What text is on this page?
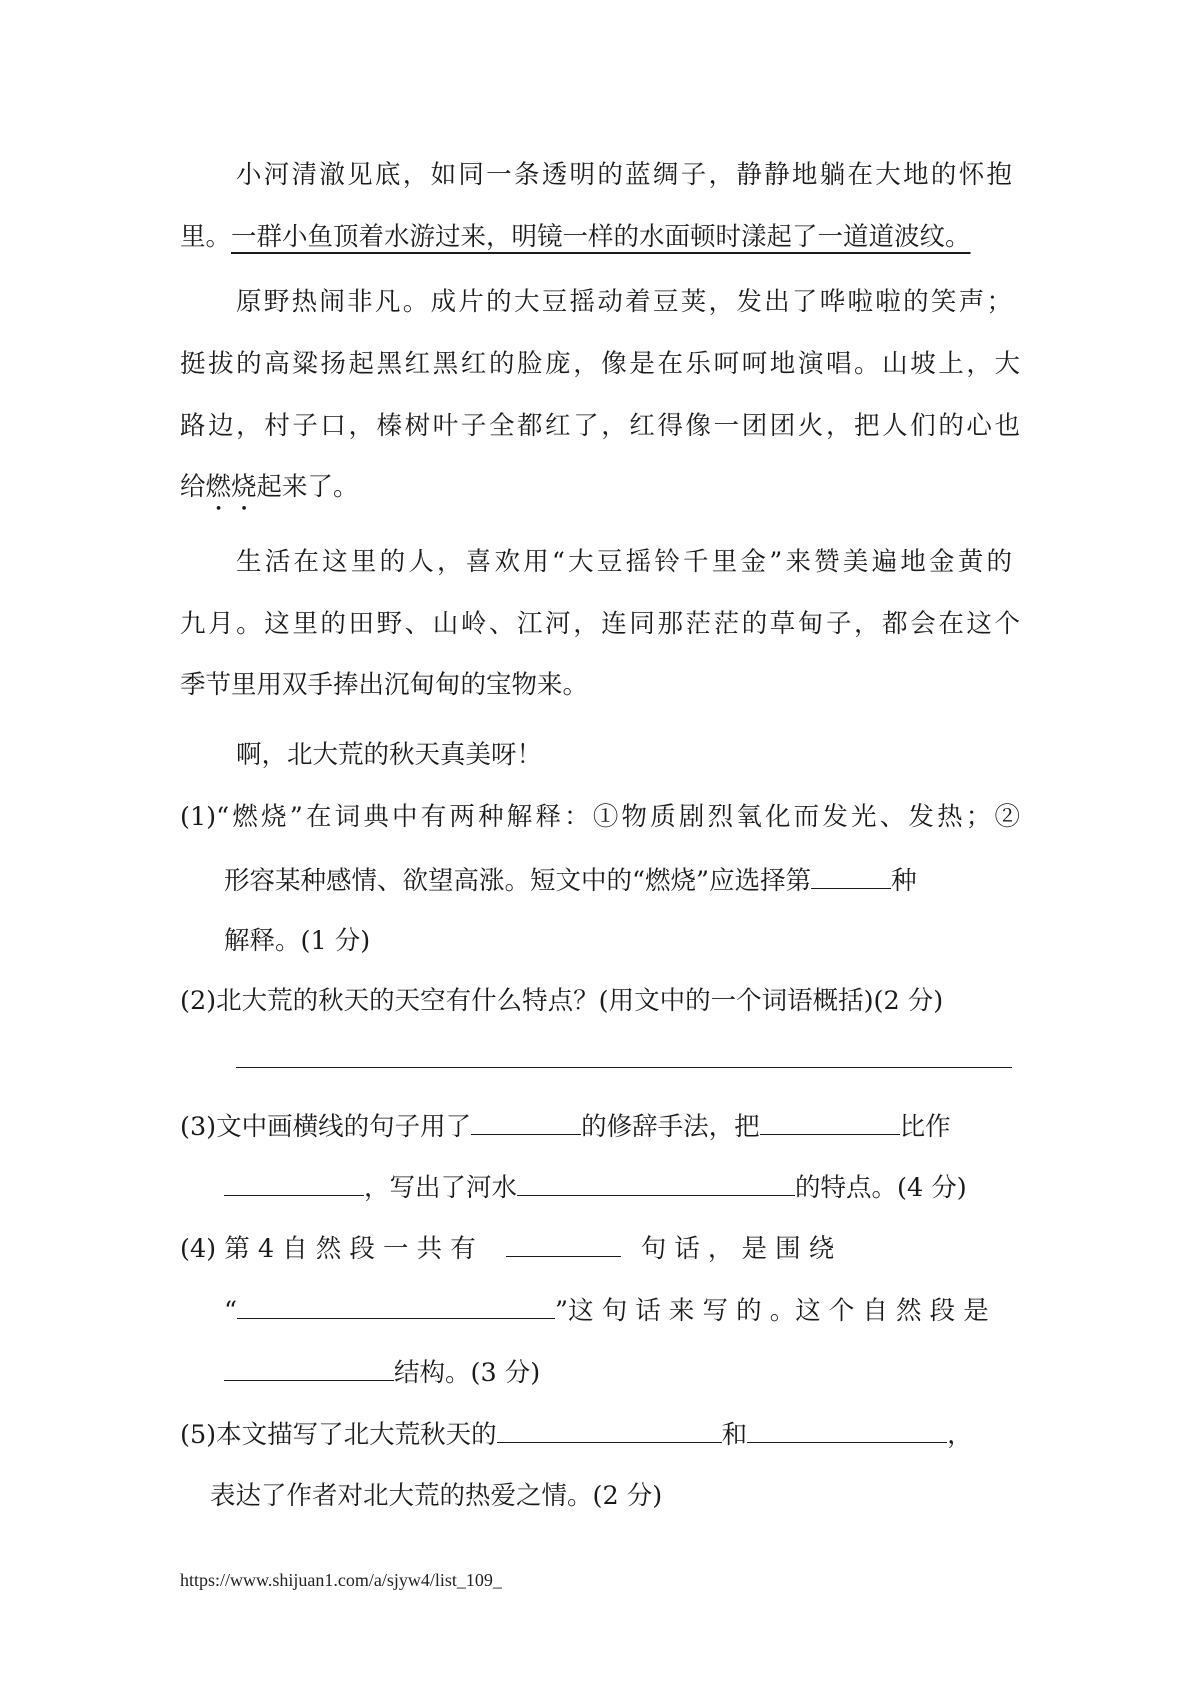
小河清澈见底，如同一条透明的蓝绸子，静静地躺在大地的怀抱
里。一群小鱼顶着水游过来，明镜一样的水面顿时漾起了一道道波纹。
原野热闹非凡。成片的大豆摇动着豆荚，发出了哗啦啦的笑声；
挺拔的高粱扬起黑红黑红的脸庞，像是在乐呵呵地演唱。山坡上，大
路边，村子口，榛树叶子全都红了，红得像一团团火，把人们的心也
给燃烧起来了。
生活在这里的人，喜欢用“大豆摇铃千里金”来赞美遍地金黄的
九月。这里的田野、山岭、江河，连同那茫茫的草甸子，都会在这个
季节里用双手捧出沉甸甸的宝物来。
啊，北大荒的秋天真美呀！
(1)“燃烧”在词典中有两种解释：①物质剧烈氧化而发光、发热；②
形容某种感情、欲望高涨。短文中的“燃烧”应选择第	种
解释。(1 分)
(2)北大荒的秋天的天空有什么特点？(用文中的一个词语概括)(2 分)
(3)文中画横线的句子用了	的修辞手法，把	比作
，写出了河水	的特点。(4 分)
(4) 第 4 自 然 段 一 共 有	句 话 ， 是 围 绕
“	”这 句 话 来 写 的 。这 个 自 然 段 是
结构。(3 分)
(5)本文描写了北大荒秋天的	和	，
表达了作者对北大荒的热爱之情。(2 分)
https://www.shijuan1.com/a/sjyw4/list_109_
